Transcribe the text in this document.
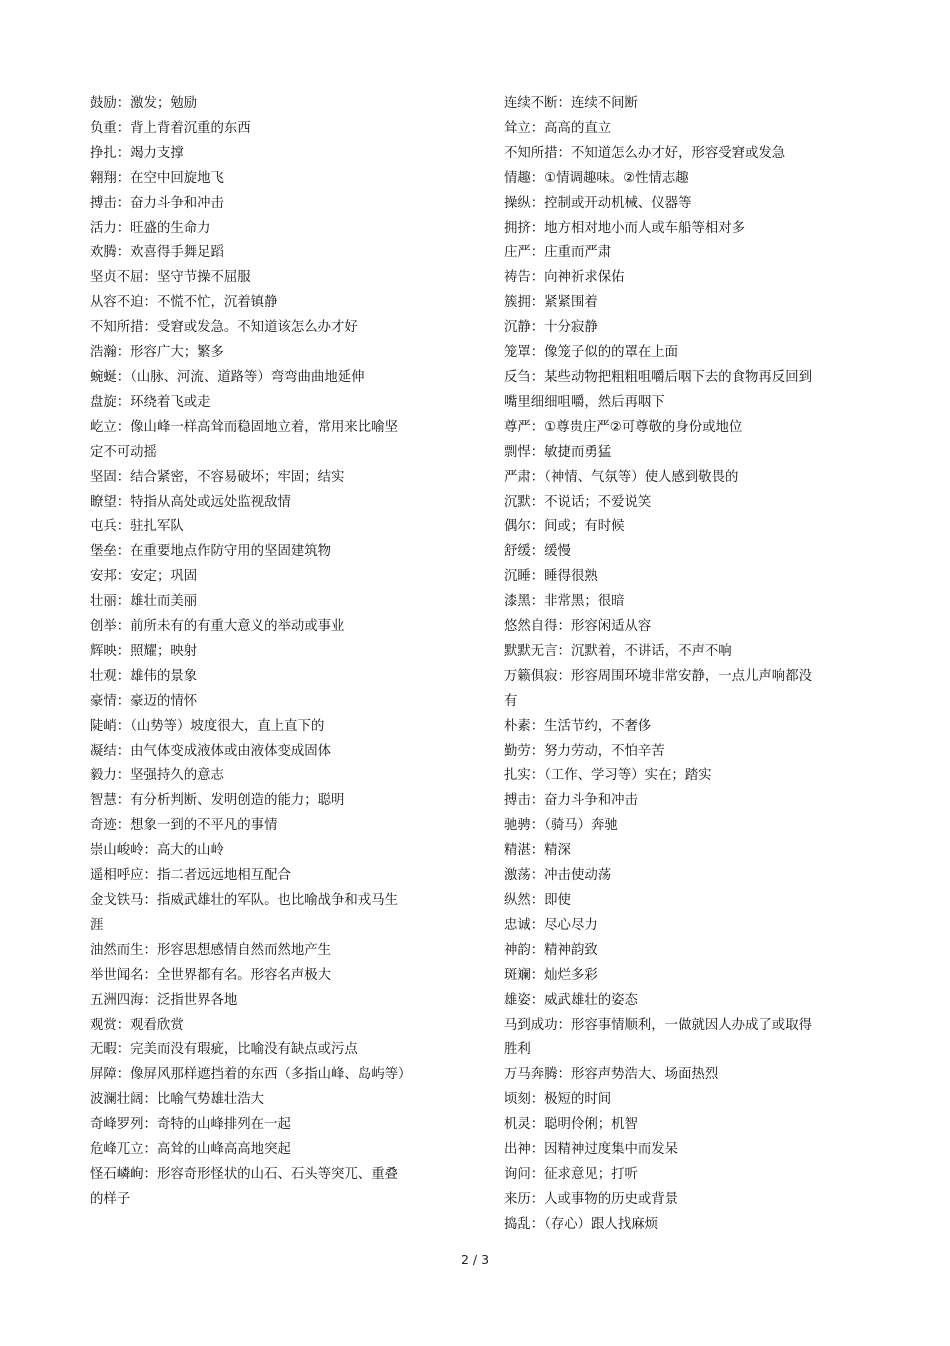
鼓励：激发；勉励
负重：背上背着沉重的东西
挣扎：竭力支撑
翱翔：在空中回旋地飞
搏击：奋力斗争和冲击
活力：旺盛的生命力
欢腾：欢喜得手舞足蹈
坚贞不屈：坚守节操不屈服
从容不迫：不慌不忙，沉着镇静
不知所措：受窘或发急。不知道该怎么办才好
浩瀚：形容广大；繁多
蜿蜒：（山脉、河流、道路等）弯弯曲曲地延伸
盘旋：环绕着飞或走
屹立：像山峰一样高耸而稳固地立着，常用来比喻坚定不可动摇
坚固：结合紧密，不容易破坏；牢固；结实
瞭望：特指从高处或远处监视敌情
屯兵：驻扎军队
堡垒：在重要地点作防守用的坚固建筑物
安邦：安定；巩固
壮丽：雄壮而美丽
创举：前所未有的有重大意义的举动或事业
辉映：照耀；映射
壮观：雄伟的景象
豪情：豪迈的情怀
陡峭：（山势等）坡度很大，直上直下的
凝结：由气体变成液体或由液体变成固体
毅力：坚强持久的意志
智慧：有分析判断、发明创造的能力；聪明
奇迹：想象一到的不平凡的事情
崇山峻岭：高大的山岭
遥相呼应：指二者远远地相互配合
金戈铁马：指威武雄壮的军队。也比喻战争和戎马生涯
油然而生：形容思想感情自然而然地产生
举世闻名：全世界都有名。形容名声极大
五洲四海：泛指世界各地
观赏：观看欣赏
无暇：完美而没有瑕疵，比喻没有缺点或污点
屏障：像屏风那样遮挡着的东西（多指山峰、岛屿等）
波澜壮阔：比喻气势雄壮浩大
奇峰罗列：奇特的山峰排列在一起
危峰兀立：高耸的山峰高高地突起
怪石嶙峋：形容奇形怪状的山石、石头等突兀、重叠的样子
连续不断：连续不间断
耸立：高高的直立
不知所措：不知道怎么办才好，形容受窘或发急
情趣：①情调趣味。②性情志趣
操纵：控制或开动机械、仪器等
拥挤：地方相对地小而人或车船等相对多
庄严：庄重而严肃
祷告：向神祈求保佑
簇拥：紧紧围着
沉静：十分寂静
笼罩：像笼子似的的罩在上面
反刍：某些动物把粗粗咀嚼后咽下去的食物再反回到嘴里细细咀嚼，然后再咽下
尊严：①尊贵庄严②可尊敬的身份或地位
剽悍：敏捷而勇猛
严肃：（神情、气氛等）使人感到敬畏的
沉默：不说话；不爱说笑
偶尔：间或；有时候
舒缓：缓慢
沉睡：睡得很熟
漆黑：非常黑；很暗
悠然自得：形容闲适从容
默默无言：沉默着，不讲话，不声不响
万籁俱寂：形容周围环境非常安静，一点儿声响都没有
朴素：生活节约，不奢侈
勤劳：努力劳动，不怕辛苦
扎实：（工作、学习等）实在；踏实
搏击：奋力斗争和冲击
驰骋：（骑马）奔驰
精湛：精深
激荡：冲击使动荡
纵然：即使
忠诚：尽心尽力
神韵：精神韵致
斑斓：灿烂多彩
雄姿：威武雄壮的姿态
马到成功：形容事情顺利，一做就因人办成了或取得胜利
万马奔腾：形容声势浩大、场面热烈
顷刻：极短的时间
机灵：聪明伶俐；机智
出神：因精神过度集中而发呆
询问：征求意见；打听
来历：人或事物的历史或背景
捣乱：（存心）跟人找麻烦
2 / 3
